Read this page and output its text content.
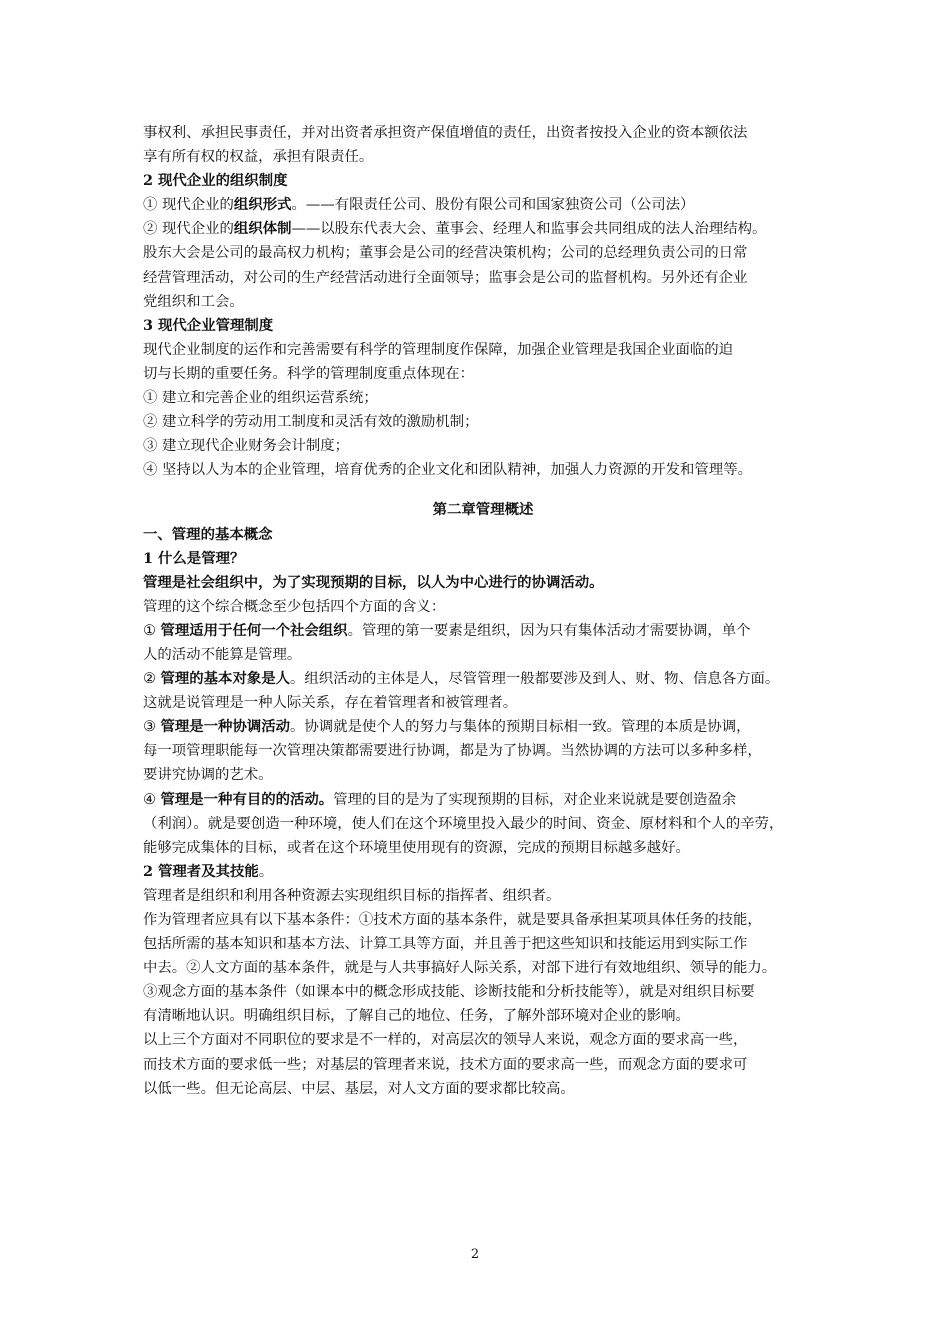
事权利、承担民事责任，并对出资者承担资产保值增值的责任，出资者按投入企业的资本额依法
享有所有权的权益，承担有限责任。
2 现代企业的组织制度
① 现代企业的组织形式。——有限责任公司、股份有限公司和国家独资公司（公司法）
② 现代企业的组织体制——以股东代表大会、董事会、经理人和监事会共同组成的法人治理结构。
股东大会是公司的最高权力机构；董事会是公司的经营决策机构；公司的总经理负责公司的日常
经营管理活动，对公司的生产经营活动进行全面领导；监事会是公司的监督机构。另外还有企业
党组织和工会。
3 现代企业管理制度
现代企业制度的运作和完善需要有科学的管理制度作保障，加强企业管理是我国企业面临的迫
切与长期的重要任务。科学的管理制度重点体现在：
① 建立和完善企业的组织运营系统；
② 建立科学的劳动用工制度和灵活有效的激励机制；
③ 建立现代企业财务会计制度；
④ 坚持以人为本的企业管理，培育优秀的企业文化和团队精神，加强人力资源的开发和管理等。
第二章管理概述
一、管理的基本概念
1 什么是管理？
管理是社会组织中，为了实现预期的目标，以人为中心进行的协调活动。
管理的这个综合概念至少包括四个方面的含义：
① 管理适用于任何一个社会组织。管理的第一要素是组织，因为只有集体活动才需要协调，单个
人的活动不能算是管理。
② 管理的基本对象是人。组织活动的主体是人，尽管管理一般都要涉及到人、财、物、信息各方面。
这就是说管理是一种人际关系，存在着管理者和被管理者。
③ 管理是一种协调活动。协调就是使个人的努力与集体的预期目标相一致。管理的本质是协调，
每一项管理职能每一次管理决策都需要进行协调，都是为了协调。当然协调的方法可以多种多样，
要讲究协调的艺术。
④ 管理是一种有目的的活动。管理的目的是为了实现预期的目标，对企业来说就是要创造盈余
（利润）。就是要创造一种环境，使人们在这个环境里投入最少的时间、资金、原材料和个人的辛劳，
能够完成集体的目标，或者在这个环境里使用现有的资源，完成的预期目标越多越好。
2 管理者及其技能。
管理者是组织和利用各种资源去实现组织目标的指挥者、组织者。
作为管理者应具有以下基本条件：①技术方面的基本条件，就是要具备承担某项具体任务的技能，
包括所需的基本知识和基本方法、计算工具等方面，并且善于把这些知识和技能运用到实际工作
中去。②人文方面的基本条件，就是与人共事搞好人际关系，对部下进行有效地组织、领导的能力。
③观念方面的基本条件（如课本中的概念形成技能、诊断技能和分析技能等），就是对组织目标要
有清晰地认识。明确组织目标，了解自己的地位、任务，了解外部环境对企业的影响。
以上三个方面对不同职位的要求是不一样的，对高层次的领导人来说，观念方面的要求高一些，
而技术方面的要求低一些；对基层的管理者来说，技术方面的要求高一些，而观念方面的要求可
以低一些。但无论高层、中层、基层，对人文方面的要求都比较高。
2
